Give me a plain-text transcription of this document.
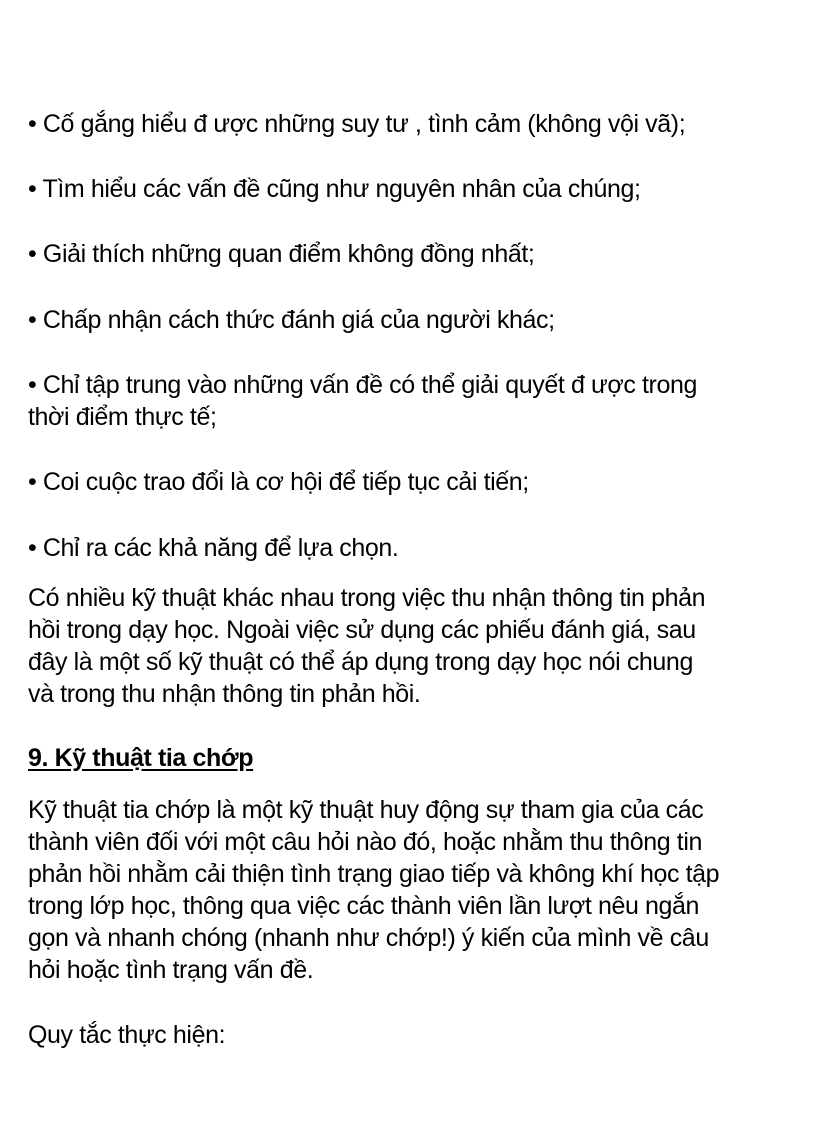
• Cố gắng hiểu đ ược những suy tư , tình cảm (không vội vã);
• Tìm hiểu các vấn đề cũng như nguyên nhân của chúng;
• Giải thích những quan điểm không đồng nhất;
• Chấp nhận cách thức đánh giá của người khác;
• Chỉ tập trung vào những vấn đề có thể giải quyết đ ược trong
thời điểm thực tế;
• Coi cuộc trao đổi là cơ hội để tiếp tục cải tiến;
• Chỉ ra các khả năng để lựa chọn.
Có nhiều kỹ thuật khác nhau trong việc thu nhận thông tin phản
hồi trong dạy học. Ngoài việc sử dụng các phiếu đánh giá, sau
đây là một số kỹ thuật có thể áp dụng trong dạy học nói chung
và trong thu nhận thông tin phản hồi.
9. Kỹ thuật tia chớp
Kỹ thuật tia chớp là một kỹ thuật huy động sự tham gia của các
thành viên đối với một câu hỏi nào đó, hoặc nhằm thu thông tin
phản hồi nhằm cải thiện tình trạng giao tiếp và không khí học tập
trong lớp học, thông qua việc các thành viên lần lượt nêu ngắn
gọn và nhanh chóng (nhanh như chớp!) ý kiến của mình về câu
hỏi hoặc tình trạng vấn đề.
Quy tắc thực hiện:
